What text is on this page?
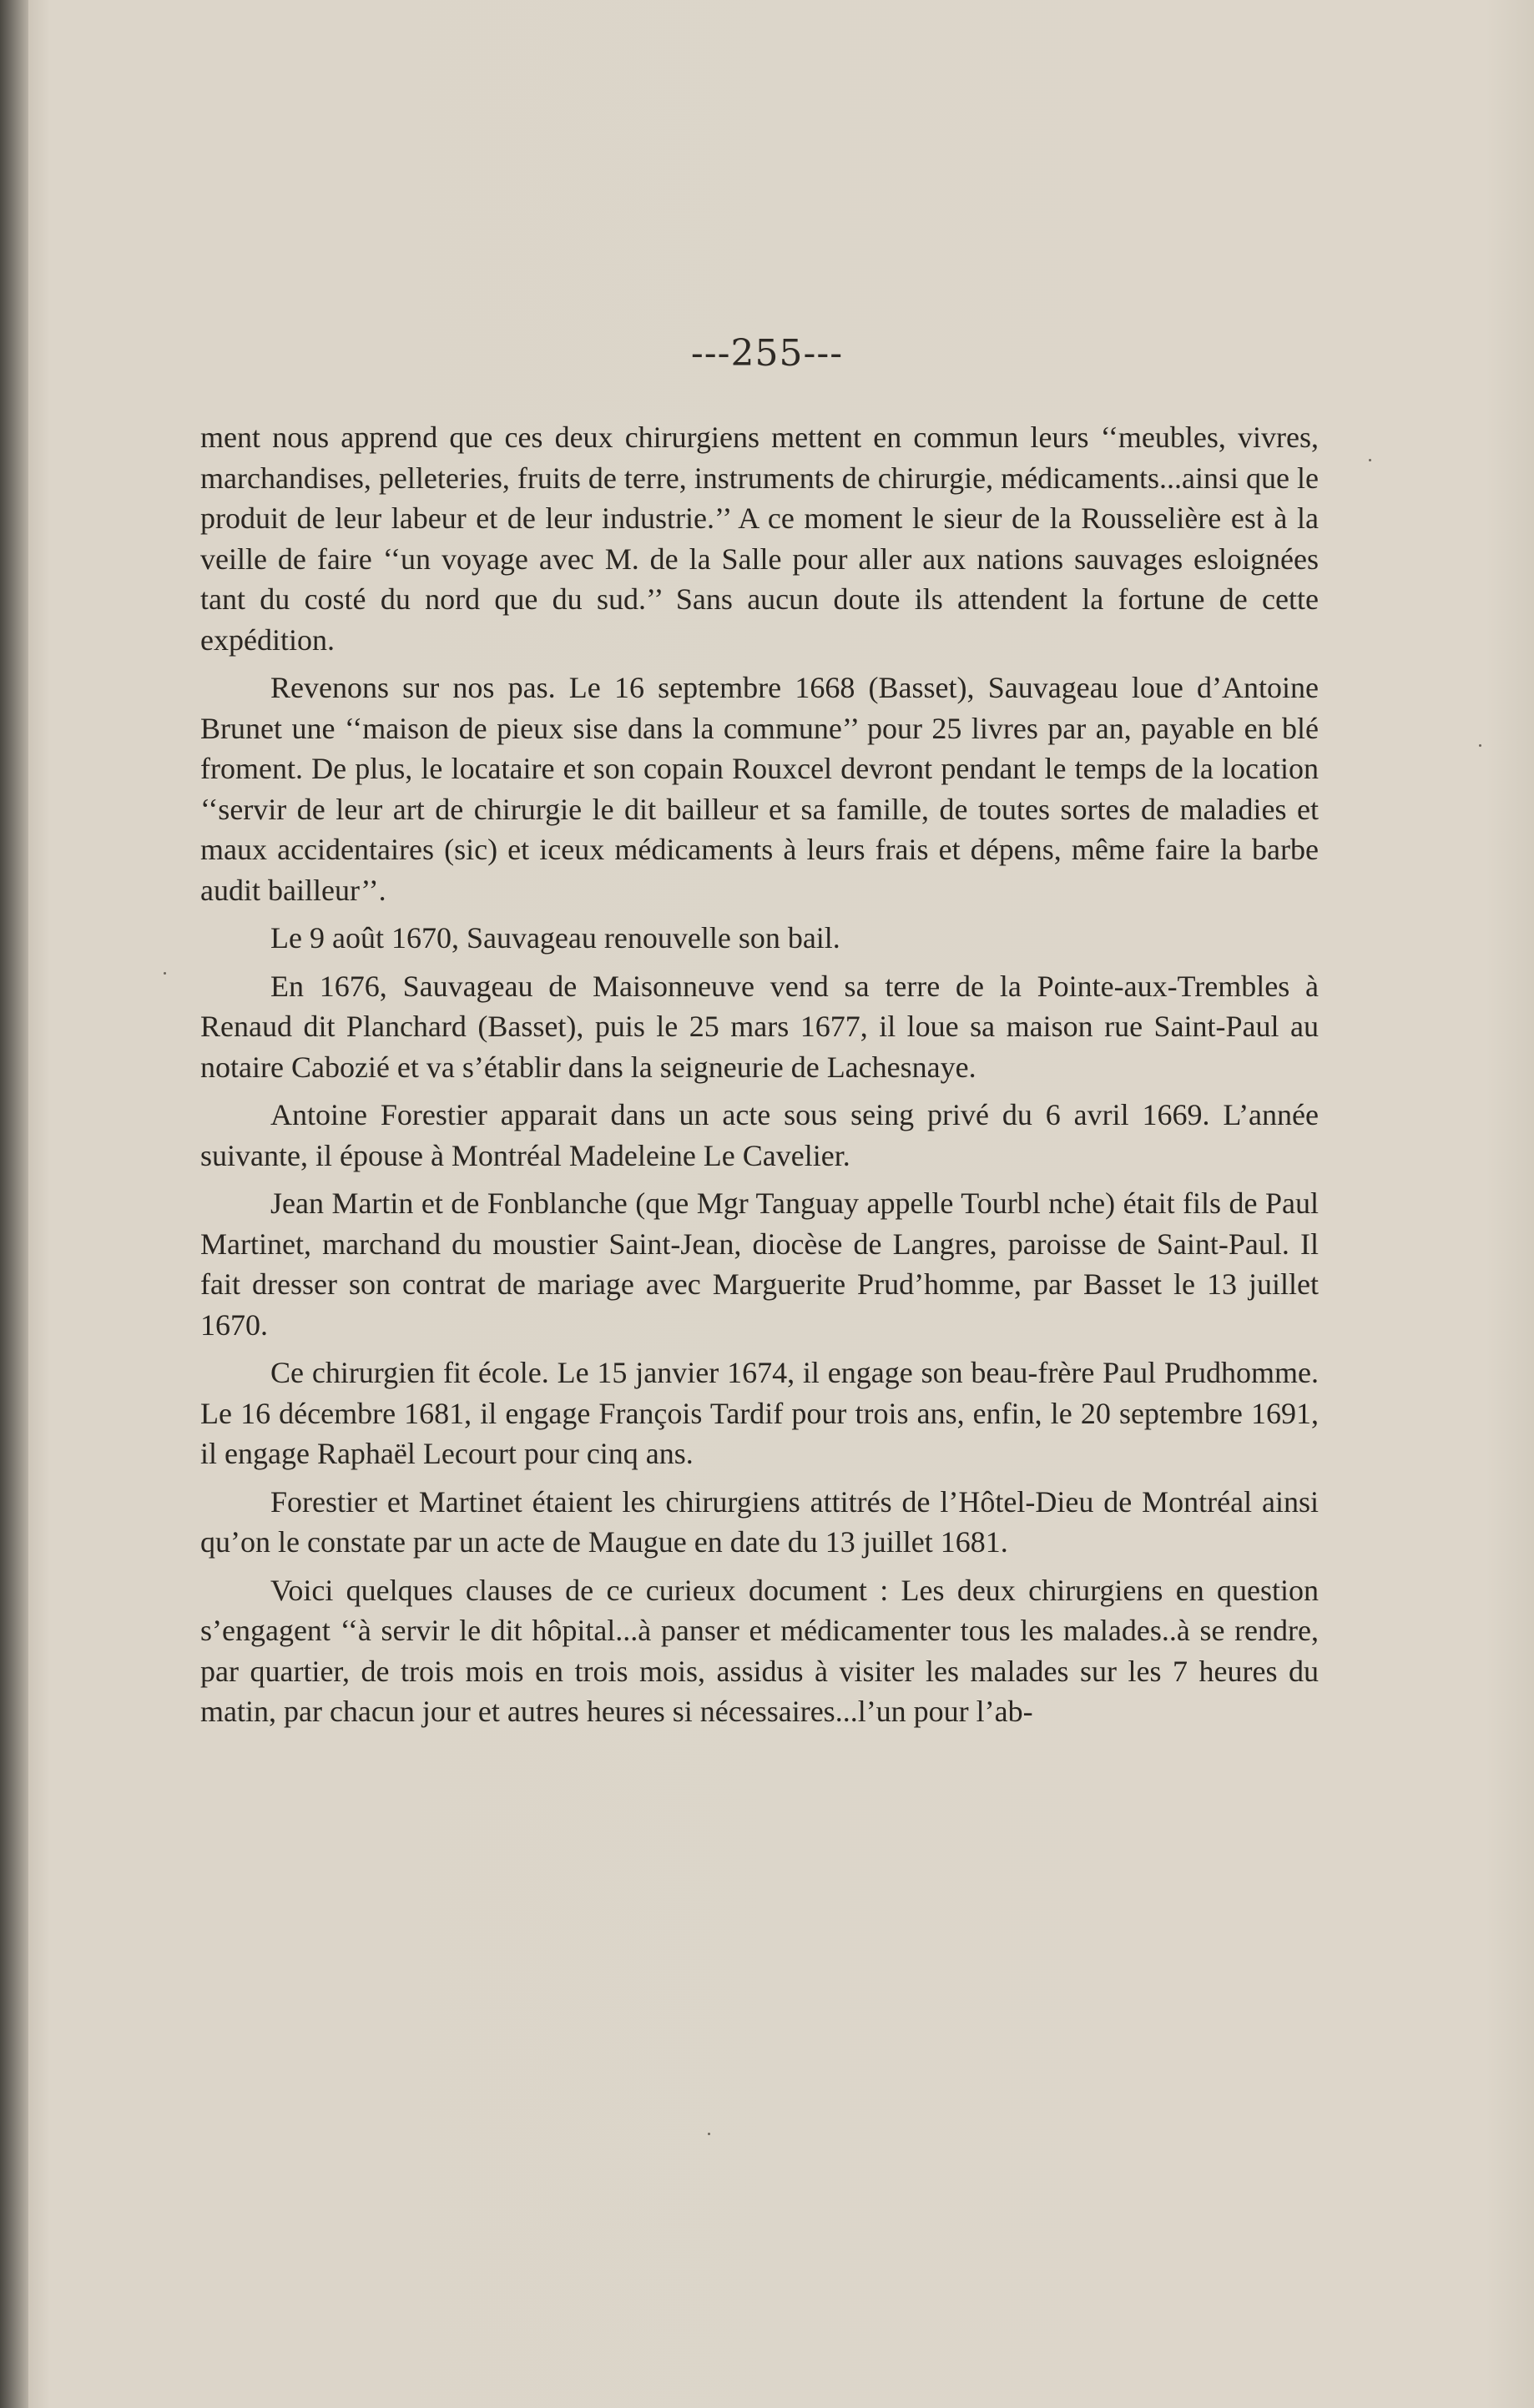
---255---

ment nous apprend que ces deux chirurgiens mettent en commun leurs ‘‘meubles, vivres, marchandises, pelleteries, fruits de terre, instruments de chirurgie, médicaments...ainsi que le produit de leur labeur et de leur industrie.’’ A ce moment le sieur de la Rousselière est à la veille de faire ‘‘un voyage avec M. de la Salle pour aller aux nations sauvages esloignées tant du costé du nord que du sud.’’ Sans aucun doute ils attendent la fortune de cette expédition.

Revenons sur nos pas. Le 16 septembre 1668 (Basset), Sauvageau loue d’Antoine Brunet une ‘‘maison de pieux sise dans la commune’’ pour 25 livres par an, payable en blé froment. De plus, le locataire et son copain Rouxcel devront pendant le temps de la location ‘‘servir de leur art de chirurgie le dit bailleur et sa famille, de toutes sortes de maladies et maux accidentaires (sic) et iceux médicaments à leurs frais et dépens, même faire la barbe audit bailleur’’.

Le 9 août 1670, Sauvageau renouvelle son bail.

En 1676, Sauvageau de Maisonneuve vend sa terre de la Pointe-aux-Trembles à Renaud dit Planchard (Basset), puis le 25 mars 1677, il loue sa maison rue Saint-Paul au notaire Cabozié et va s’établir dans la seigneurie de Lachesnaye.

Antoine Forestier apparait dans un acte sous seing privé du 6 avril 1669. L’année suivante, il épouse à Montréal Madeleine Le Cavelier.

Jean Martin et de Fonblanche (que Mgr Tanguay appelle Tourbl nche) était fils de Paul Martinet, marchand du moustier Saint-Jean, diocèse de Langres, paroisse de Saint-Paul. Il fait dresser son contrat de mariage avec Marguerite Prud’homme, par Basset le 13 juillet 1670.

Ce chirurgien fit école. Le 15 janvier 1674, il engage son beau-frère Paul Prudhomme. Le 16 décembre 1681, il engage François Tardif pour trois ans, enfin, le 20 septembre 1691, il engage Raphaël Lecourt pour cinq ans.

Forestier et Martinet étaient les chirurgiens attitrés de l’Hôtel-Dieu de Montréal ainsi qu’on le constate par un acte de Maugue en date du 13 juillet 1681.

Voici quelques clauses de ce curieux document : Les deux chirurgiens en question s’engagent ‘‘à servir le dit hôpital...à panser et médicamenter tous les malades..à se rendre, par quartier, de trois mois en trois mois, assidus à visiter les malades sur les 7 heures du matin, par chacun jour et autres heures si nécessaires...l’un pour l’ab-
